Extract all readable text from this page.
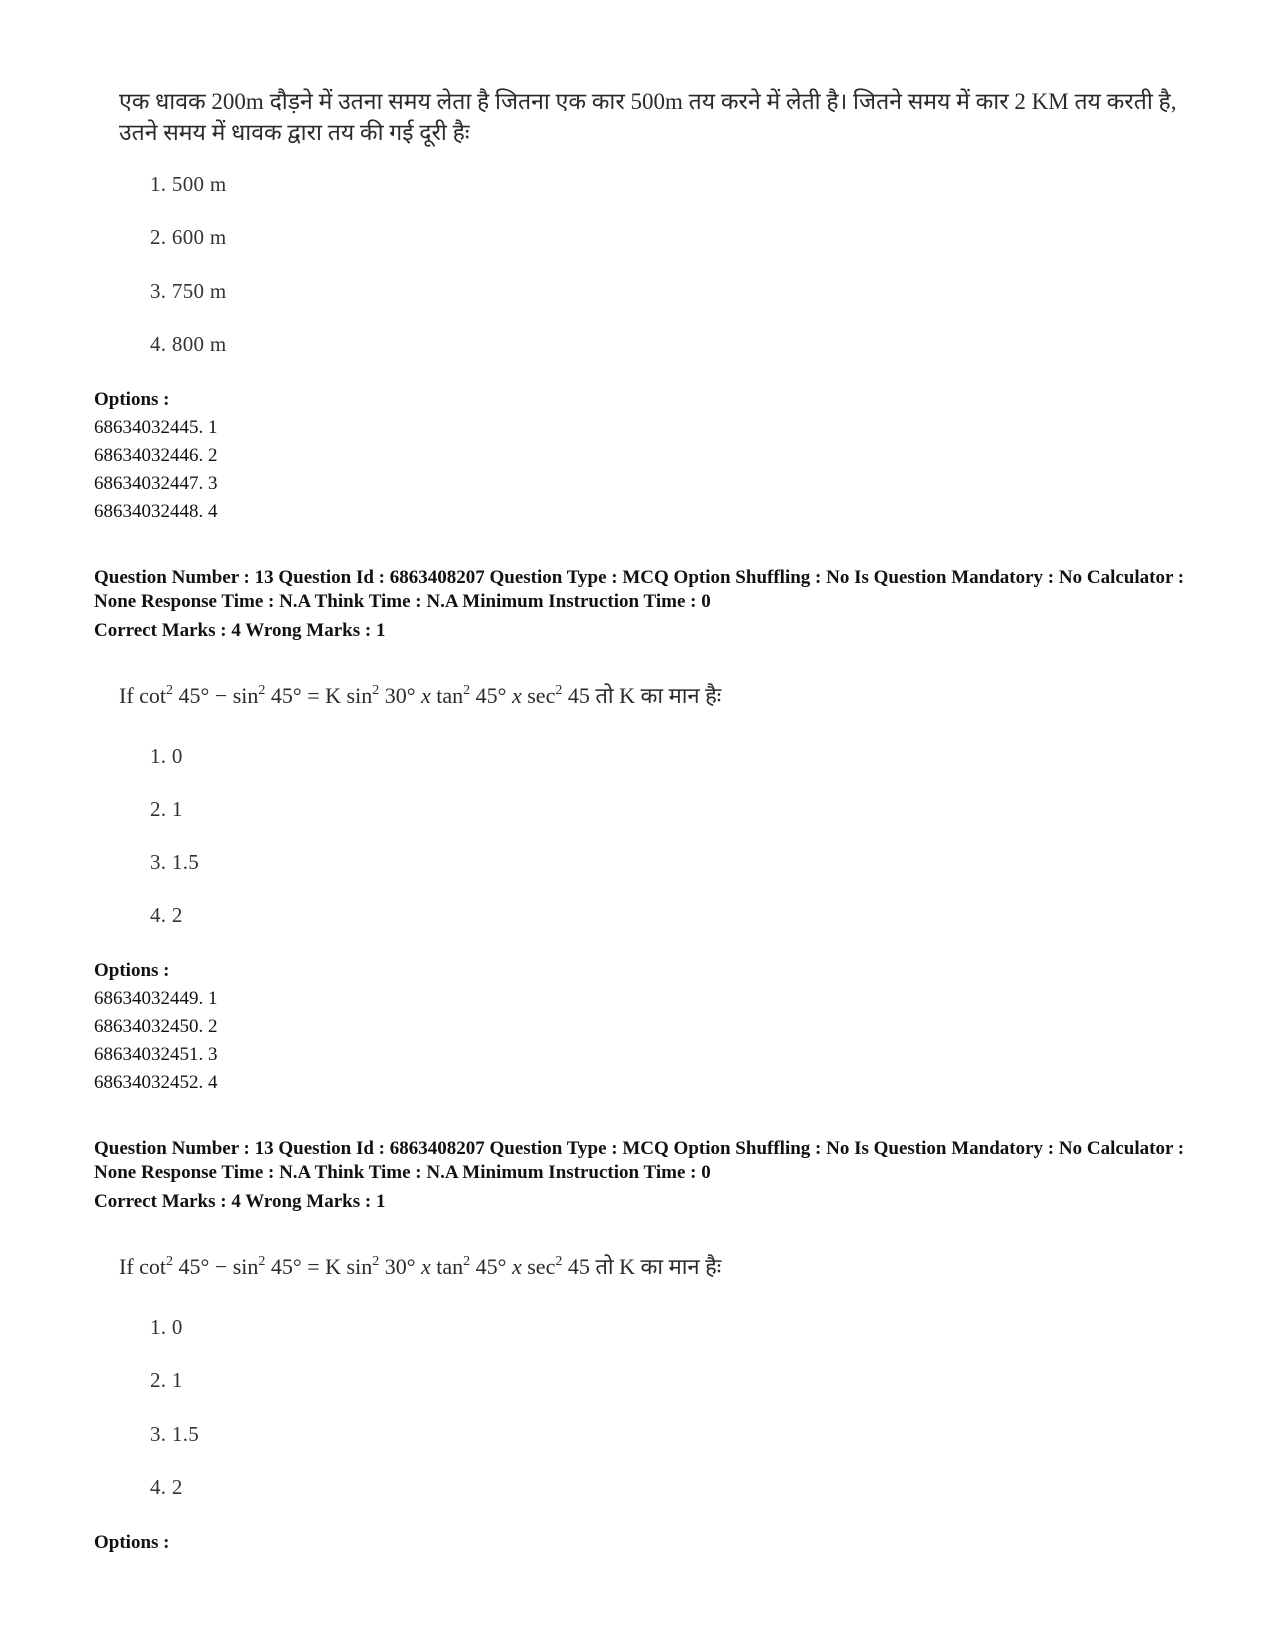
एक धावक 200m दौड़ने में उतना समय लेता है जितना एक कार 500m तय करने में लेती है। जितने समय में कार 2 KM तय करती है, उतने समय में धावक द्वारा तय की गई दूरी हैः
1. 500 m
2. 600 m
3. 750 m
4. 800 m
Options :
68634032445. 1
68634032446. 2
68634032447. 3
68634032448. 4
Question Number : 13 Question Id : 6863408207 Question Type : MCQ Option Shuffling : No Is Question Mandatory : No Calculator : None Response Time : N.A Think Time : N.A Minimum Instruction Time : 0
Correct Marks : 4 Wrong Marks : 1
If $\cot^2 45^\circ - \sin^2 45^\circ = K$ $\sin^2 30^\circ$ x $\tan^2 45^\circ$ x $\sec^2 45$ तो K का मान हैः
1. 0
2. 1
3. 1.5
4. 2
Options :
68634032449. 1
68634032450. 2
68634032451. 3
68634032452. 4
Question Number : 13 Question Id : 6863408207 Question Type : MCQ Option Shuffling : No Is Question Mandatory : No Calculator : None Response Time : N.A Think Time : N.A Minimum Instruction Time : 0
Correct Marks : 4 Wrong Marks : 1
If $\cot^2 45^\circ - \sin^2 45^\circ = K$ $\sin^2 30^\circ$ x $\tan^2 45^\circ$ x $\sec^2 45$ तो K का मान हैः
1. 0
2. 1
3. 1.5
4. 2
Options :
